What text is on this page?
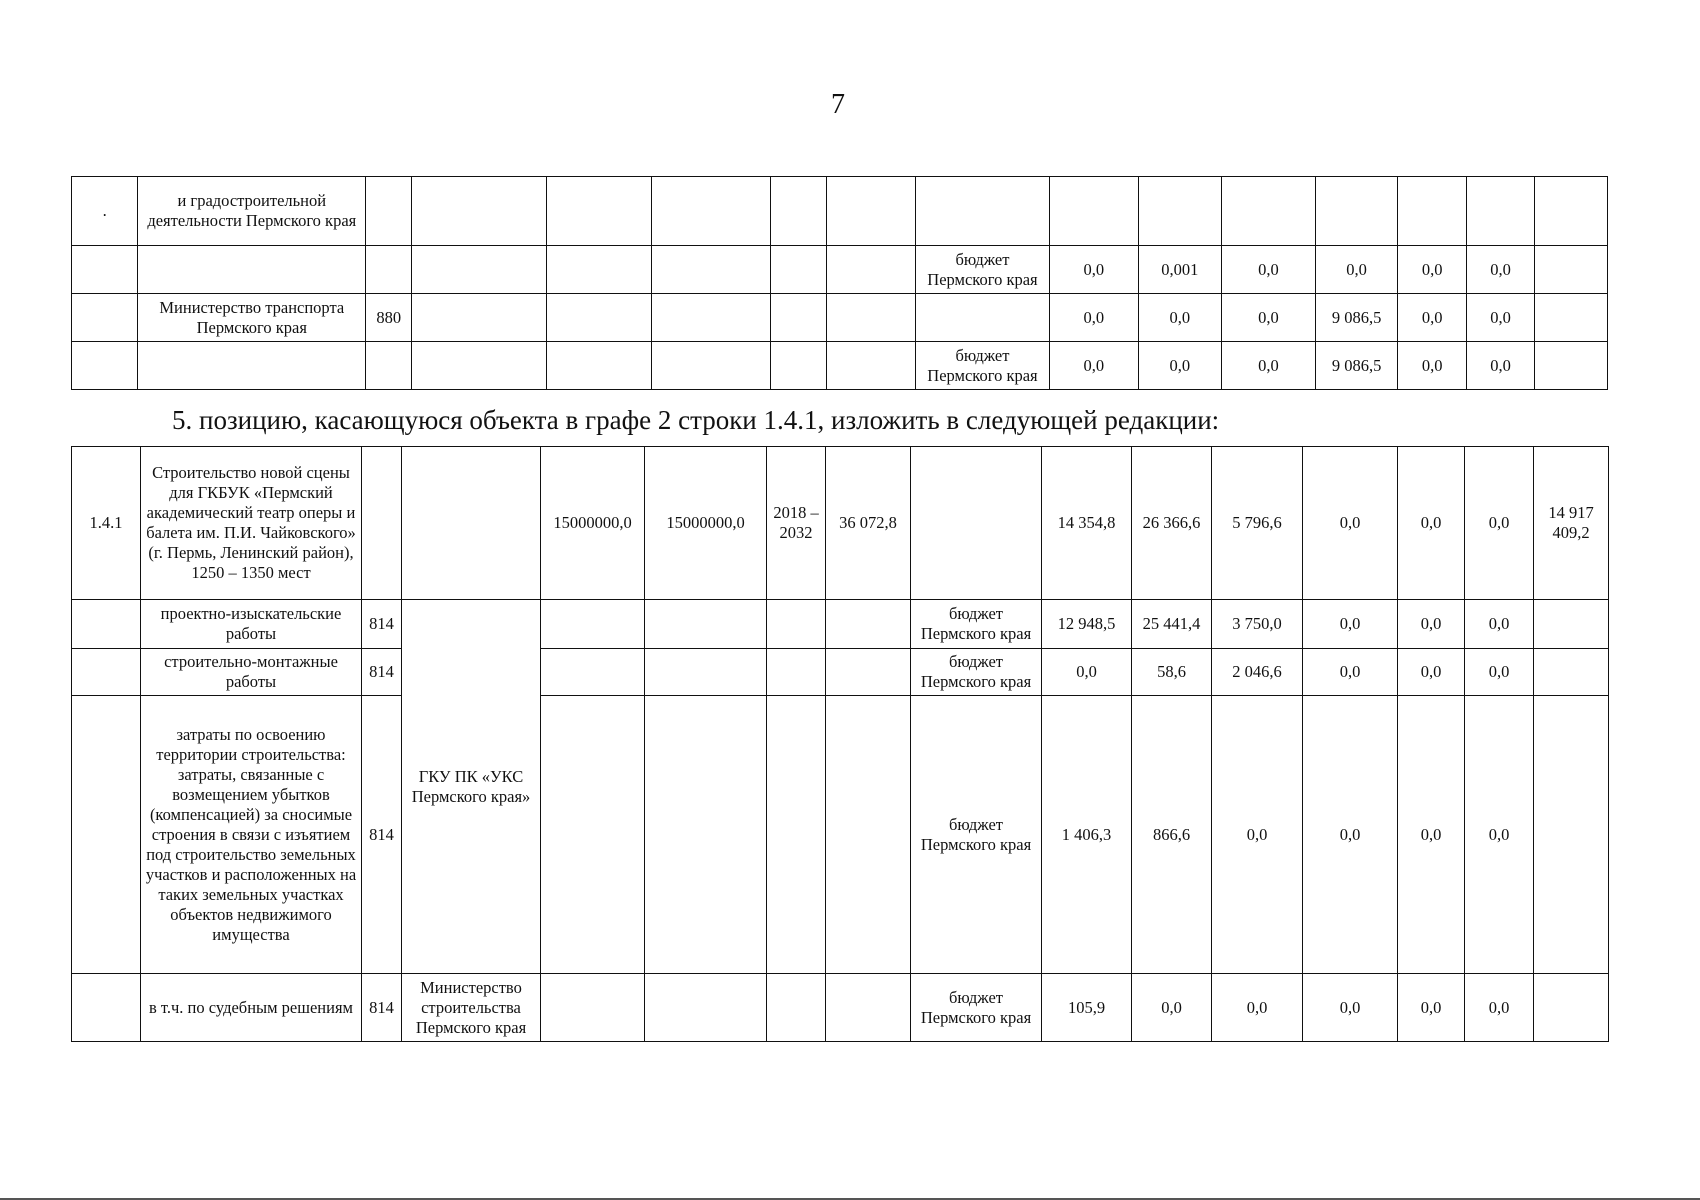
7
.	и градостроительной деятельности Пермского края														
								бюджет Пермского края	0,0	0,001	0,0	0,0	0,0	0,0	
	Министерство транспорта Пермского края	880							0,0	0,0	0,0	9 086,5	0,0	0,0	
								бюджет Пермского края	0,0	0,0	0,0	9 086,5	0,0	0,0	
5. позицию, касающуюся объекта в графе 2 строки 1.4.1, изложить в следующей редакции:
1.4.1	Строительство новой сцены для ГКБУК «Пермский академический театр оперы и балета им. П.И. Чайковского» (г. Пермь, Ленинский район), 1250 – 1350 мест			15000000,0	15000000,0	2018 – 2032	36 072,8		14 354,8	26 366,6	5 796,6	0,0	0,0	0,0	14 917 409,2
	проектно-изыскательские работы	814	ГКУ ПК «УКС Пермского края»					бюджет Пермского края	12 948,5	25 441,4	3 750,0	0,0	0,0	0,0	
	строительно-монтажные работы	814						бюджет Пермского края	0,0	58,6	2 046,6	0,0	0,0	0,0	
	затраты по освоению территории строительства: затраты, связанные с возмещением убытков (компенсацией) за сносимые строения в связи с изъятием под строительство земельных участков и расположенных на таких земельных участках объектов недвижимого имущества	814						бюджет Пермского края	1 406,3	866,6	0,0	0,0	0,0	0,0	
	в т.ч. по судебным решениям	814	Министерство строительства Пермского края					бюджет Пермского края	105,9	0,0	0,0	0,0	0,0	0,0	
